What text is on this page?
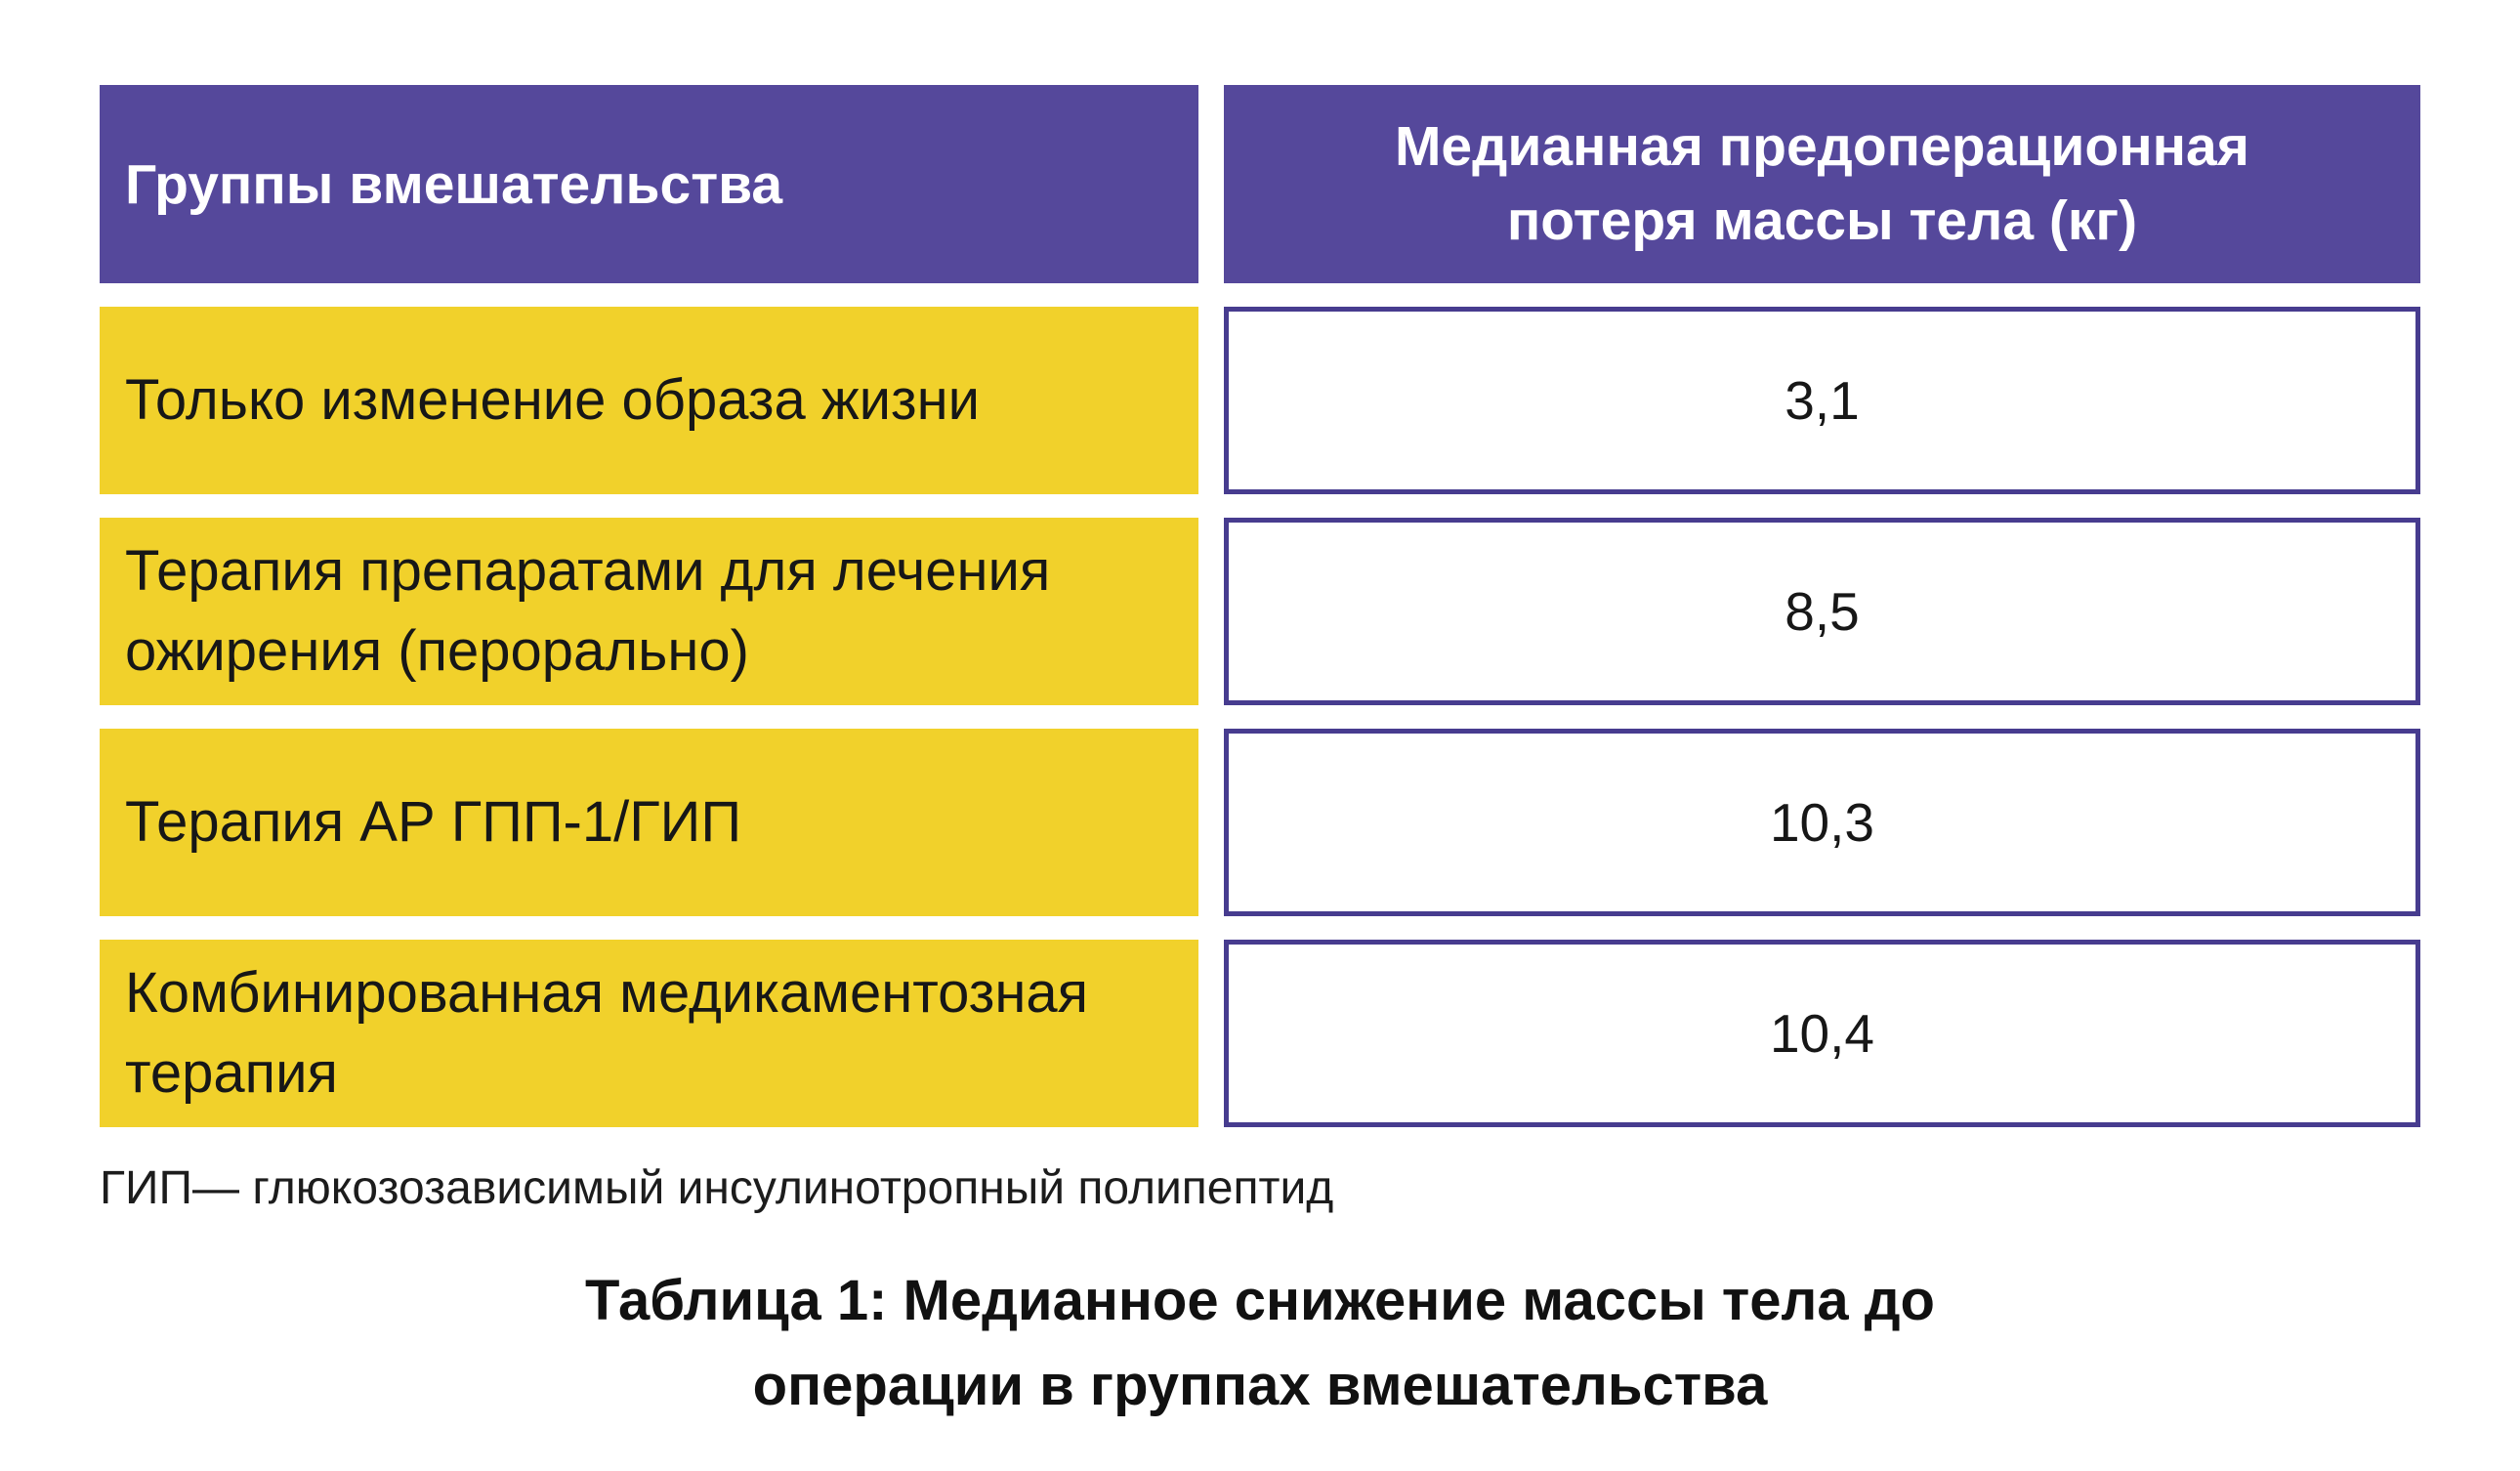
Группы вмешательства
Медианная предоперационная потеря массы тела (кг)
Только изменение образа жизни	3,1
Терапия препаратами для лечения ожирения (перорально)
8,5
Терапия АР ГПП-1/ГИП	10,3
Комбинированная медикаментозная терапия
10,4
ГИП— глюкозозависимый инсулинотропный полипептид
Таблица 1: Медианное снижение массы тела до
операции в группах вмешательства
